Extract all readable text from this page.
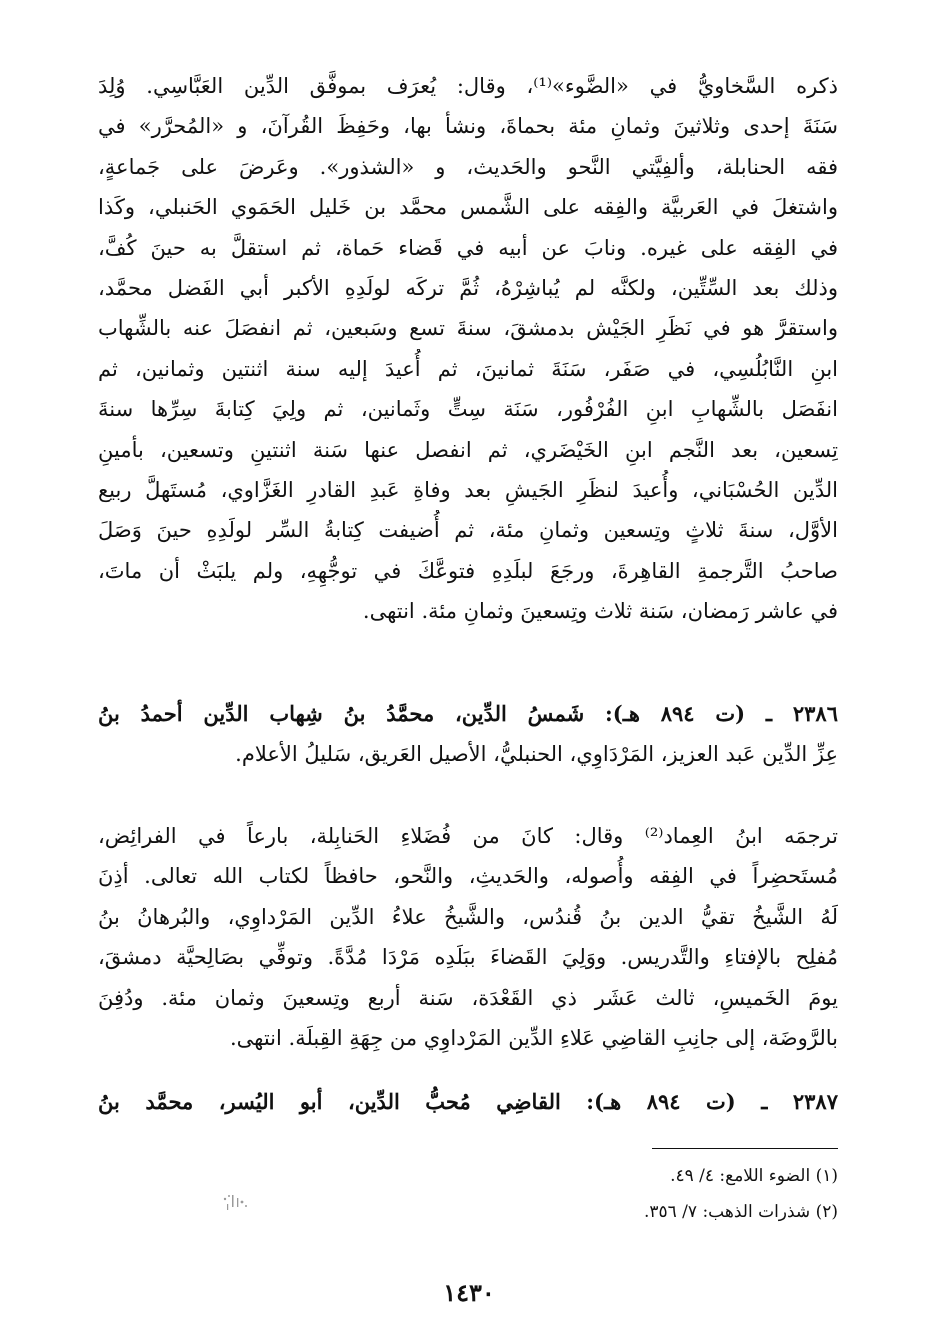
ذكره السَّخاويُّ في «الضَّوء»⁽¹⁾، وقال: يُعرَف بموفَّق الدِّين العَبَّاسِي. وُلِدَ
سَنَةَ إحدى وثلاثينَ وثمانِ مئة بحماةَ، ونشأ بها، وحَفِظَ القُرآنَ، و «المُحرَّر» في
فقه الحنابلة، وألفِيَّتي النَّحو والحَديث، و «الشذور». وعَرضَ على جَماعةٍ،
واشتغلَ في العَربيَّة والفِقه على الشَّمس محمَّد بن خَليل الحَمَوي الحَنبلي، وكَذا
في الفِقه على غيره. ونابَ عن أبيه في قَضاء حَماة، ثم استقلَّ به حينَ كُفَّ،
وذلك بعد السِّتِّين، ولكنَّه لم يُباشِرْهُ، ثُمَّ تركَه لولَدِهِ الأكبر أبي الفَضل محمَّد،
واستقرَّ هو في نَظَرِ الجَيْش بدمشقَ، سنةَ تسع وسَبعين، ثم انفصَلَ عنه بالشِّهاب
ابنِ النَّابُلُسِي، في صَفَر، سَنَةَ ثمانينَ، ثم أُعيدَ إليه سنة اثنتين وثمانين، ثم
انفَصَل بالشِّهابِ ابنِ الفُرْفُور، سَنَة سِتٍّ وثَمانين، ثم ولِيَ كِتابةَ سِرِّها سنةَ
تِسعين، بعد النَّجم ابنِ الخَيْضَري، ثم انفصل عنها سَنة اثنتينِ وتسعين، بأمينِ
الدِّين الحُسْبَاني، وأُعيدَ لنظَرِ الجَيشِ بعد وفاةِ عَبدِ القادرِ الغَزَّاوي، مُستَهلَّ ربيع
الأوَّل، سنةَ ثلاثٍ وتِسعين وثمانِ مئة، ثم أُضيفت كِتابةُ السِّر لولَدِهِ حينَ وَصَلَ
صاحبُ التَّرجمةِ القاهِرةَ، ورجَعَ لبلَدِهِ فتوعَّكَ في توجُّهِهِ، ولم يلبَثْ أن ماتَ،
في عاشر رَمضان، سَنة ثلاث وتِسعينَ وثمانِ مئة. انتهى.
٢٣٨٦ ـ (ت ٨٩٤ هـ): شَمسُ الدِّين، محمَّدُ بنُ شِهاب الدِّين أحمدُ بنُ
عِزِّ الدِّين عَبد العزيز، المَرْدَاوِي، الحنبليُّ، الأصيل العَريق، سَليلُ الأعلام.
ترجمَه ابنُ العِماد⁽²⁾ وقال: كانَ من فُضَلاءِ الحَنابِلة، بارعاً في الفرائِض،
مُستَحضِراً في الفِقه وأُصوله، والحَديثِ، والنَّحو، حافظاً لكتاب الله تعالى. أذِنَ
لَهُ الشَّيخُ تقيُّ الدين بنُ قُندُس، والشَّيخُ علاءُ الدِّين المَرْداوِي، والبُرهانُ بنُ
مُفلِح بالإفتاءِ والتَّدريس. ووَلِيَ القَضاءَ ببَلَدِه مَرْدَا مُدَّةً. وتوفِّي بصَالِحيَّة دمشقَ،
يومَ الخَميسِ، ثالث عَشَر ذي القَعْدَة، سَنة أربع وتِسعينَ وثمان مئة. ودُفِنَ
بالرَّوضَة، إلى جانِبِ القاضِي عَلاءِ الدِّين المَرْداوِي من جِهَةِ القِبلَة. انتهى.
٢٣٨٧ ـ (ت ٨٩٤ هـ): القاضِي مُحبُّ الدِّين، أبو اليُسر، محمَّد بنُ
(١) الضوء اللامع: ٤/ ٤٩.
(٢) شذرات الذهب: ٧/ ٣٥٦.
١٤٣٠
